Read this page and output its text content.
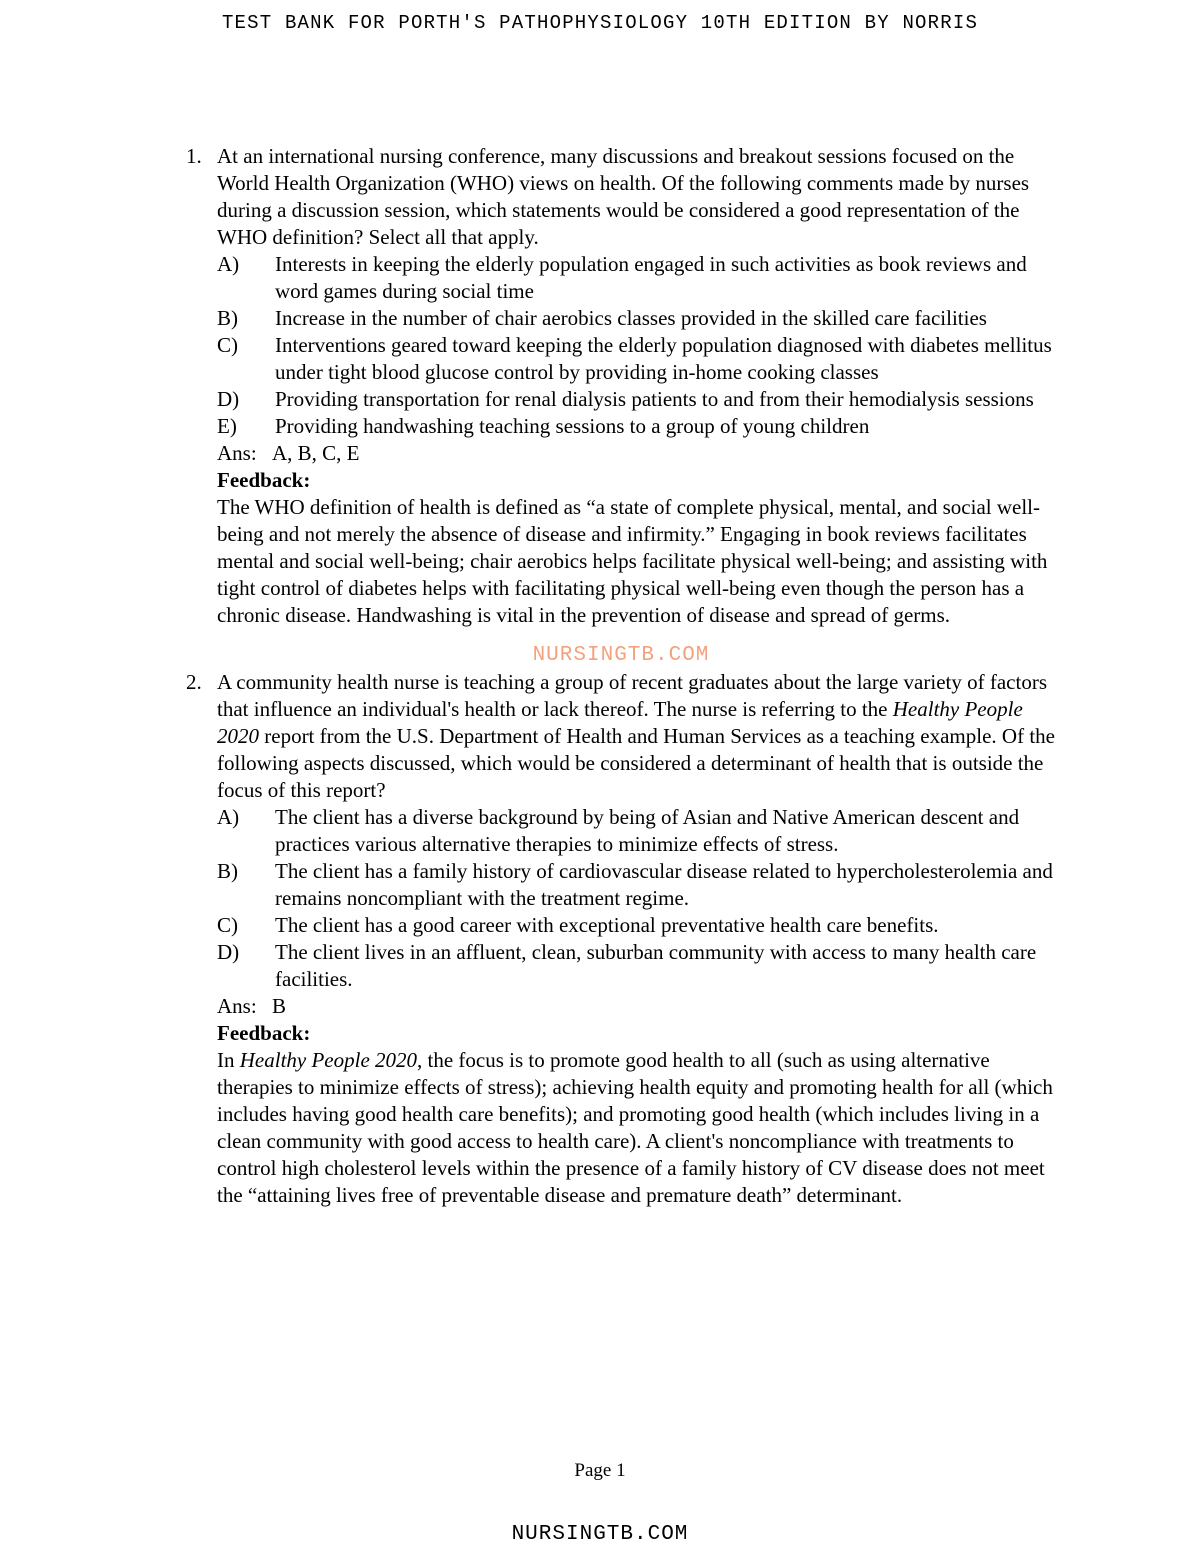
TEST BANK FOR PORTH'S PATHOPHYSIOLOGY 10TH EDITION BY NORRIS
1. At an international nursing conference, many discussions and breakout sessions focused on the World Health Organization (WHO) views on health. Of the following comments made by nurses during a discussion session, which statements would be considered a good representation of the WHO definition? Select all that apply.
A) Interests in keeping the elderly population engaged in such activities as book reviews and word games during social time
B) Increase in the number of chair aerobics classes provided in the skilled care facilities
C) Interventions geared toward keeping the elderly population diagnosed with diabetes mellitus under tight blood glucose control by providing in-home cooking classes
D) Providing transportation for renal dialysis patients to and from their hemodialysis sessions
E) Providing handwashing teaching sessions to a group of young children
Ans: A, B, C, E
Feedback:
The WHO definition of health is defined as “a state of complete physical, mental, and social well-being and not merely the absence of disease and infirmity.” Engaging in book reviews facilitates mental and social well-being; chair aerobics helps facilitate physical well-being; and assisting with tight control of diabetes helps with facilitating physical well-being even though the person has a chronic disease. Handwashing is vital in the prevention of disease and spread of germs.
NURSINGTB.COM
2. A community health nurse is teaching a group of recent graduates about the large variety of factors that influence an individual's health or lack thereof. The nurse is referring to the Healthy People 2020 report from the U.S. Department of Health and Human Services as a teaching example. Of the following aspects discussed, which would be considered a determinant of health that is outside the focus of this report?
A) The client has a diverse background by being of Asian and Native American descent and practices various alternative therapies to minimize effects of stress.
B) The client has a family history of cardiovascular disease related to hypercholesterolemia and remains noncompliant with the treatment regime.
C) The client has a good career with exceptional preventative health care benefits.
D) The client lives in an affluent, clean, suburban community with access to many health care facilities.
Ans: B
Feedback:
In Healthy People 2020, the focus is to promote good health to all (such as using alternative therapies to minimize effects of stress); achieving health equity and promoting health for all (which includes having good health care benefits); and promoting good health (which includes living in a clean community with good access to health care). A client's noncompliance with treatments to control high cholesterol levels within the presence of a family history of CV disease does not meet the “attaining lives free of preventable disease and premature death” determinant.
Page 1
NURSINGTB.COM
